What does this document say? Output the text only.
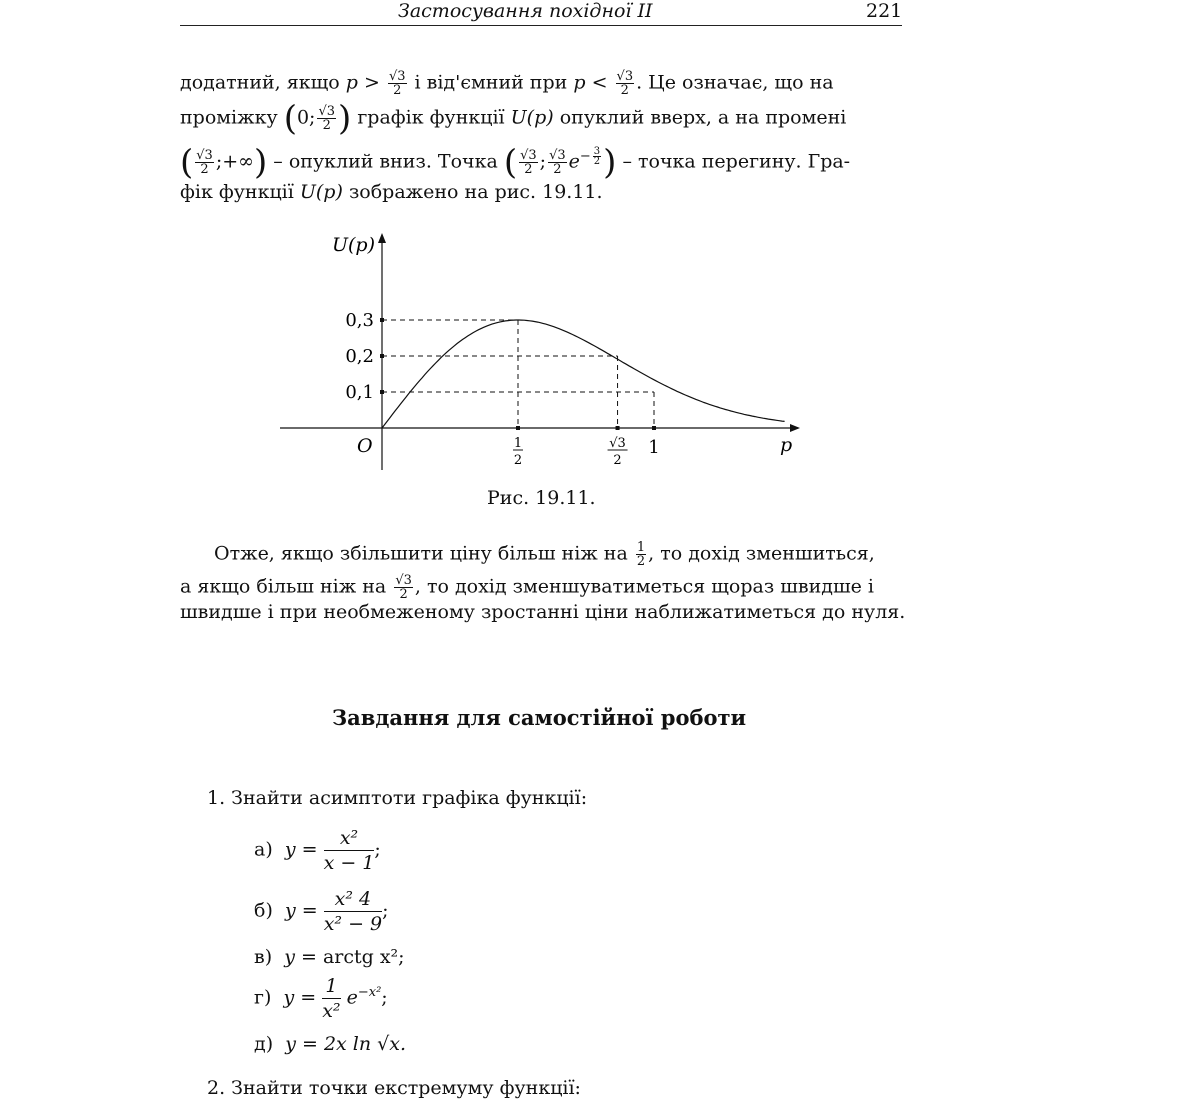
Застосування похідної II	221
додатний, якщо $p > \frac{√3}{2}$ і від'ємний при $p < \frac{√3}{2}$ . Це означає, що на
проміжку (0; $\frac{√3}{2}$ ) графік функції U(p) опуклий вверх, а на промені
( $\frac{√3}{2}$ ;+∞) – опуклий вниз. Точка ( $\frac{√3}{2}$ ; $\frac{√3}{2} e^{- \frac{3}{2}}$ ) – точка перегину. Гра-
фік функції U(p) зображено на рис. 19.11.
0,1
0,2
0,3
1
2
√3
2
1
U(p)
p
O
Рис. 19.11.
Отже, якщо збільшити ціну більш ніж на $\frac{1}{2}$ , то дохід зменшиться,
а якщо більш ніж на $\frac{√3}{2}$ , то дохід зменшуватиметься щораз швидше і
швидше і при необмеженому зростанні ціни наближатиметься до нуля.
Завдання для самостійної роботи
1. Знайти асимптоти графіка функції:
а) $y = \frac{\text{x²}}{x - 1}$ ;
б) $y = \frac{\text{x² 4}}{\text{x² − 9}}$ ;
в) y = arctg x²;
г) $y = \frac{1}{\text{x²}} e^{-x^2}$;
д) y = 2x ln √x.
2. Знайти точки екстремуму функції:
